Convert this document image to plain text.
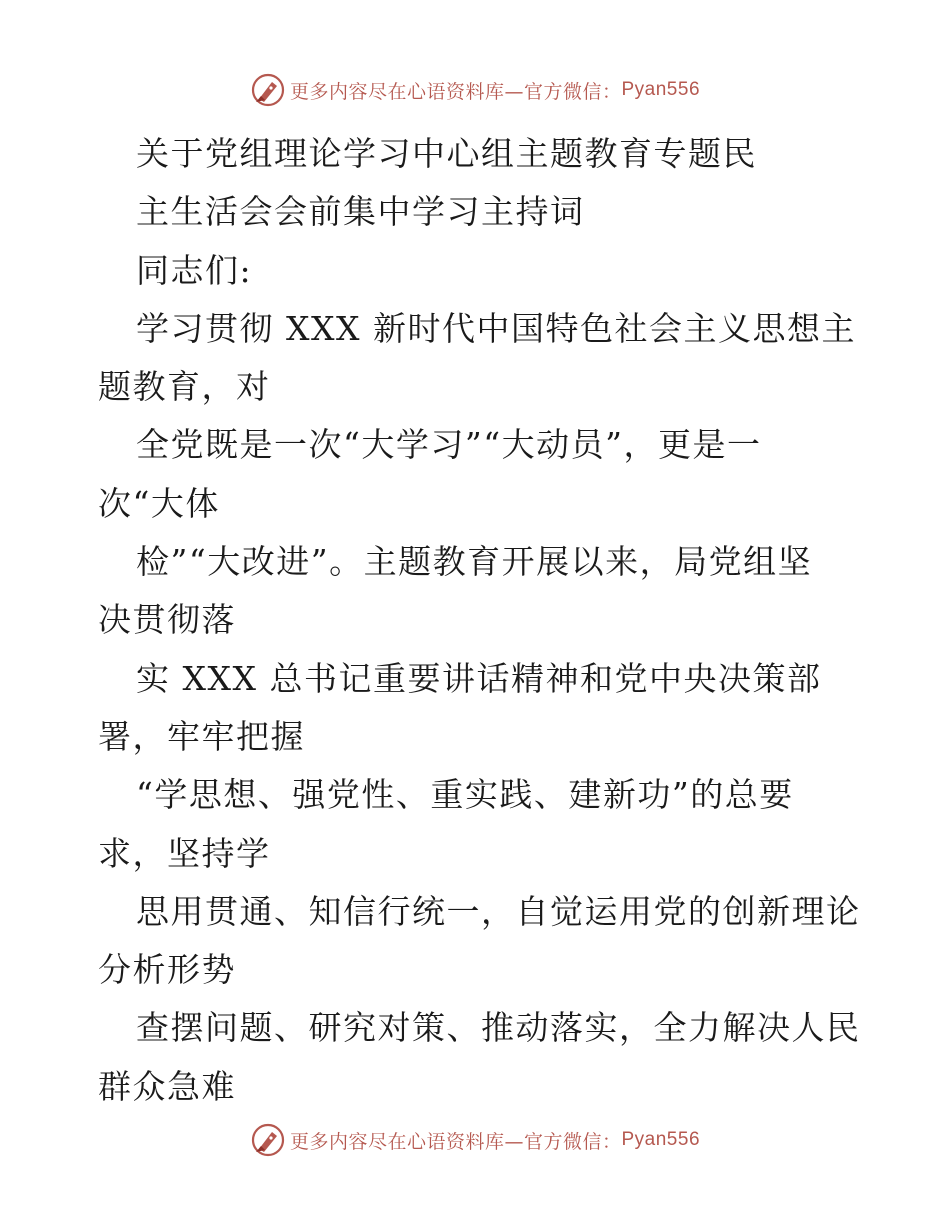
更多内容尽在心语资料库—官方微信： Pyan556
关于党组理论学习中心组主题教育专题民
主生活会会前集中学习主持词
同志们:
学习贯彻 XXX 新时代中国特色社会主义思想主
题教育，对
全党既是一次“大学习”“大动员”，更是一
次“大体
检”“大改进”。主题教育开展以来，局党组坚
决贯彻落
实 XXX 总书记重要讲话精神和党中央决策部
署，牢牢把握
“学思想、强党性、重实践、建新功”的总要
求，坚持学
思用贯通、知信行统一，自觉运用党的创新理论
分析形势
查摆问题、研究对策、推动落实，全力解决人民
群众急难
更多内容尽在心语资料库—官方微信： Pyan556
